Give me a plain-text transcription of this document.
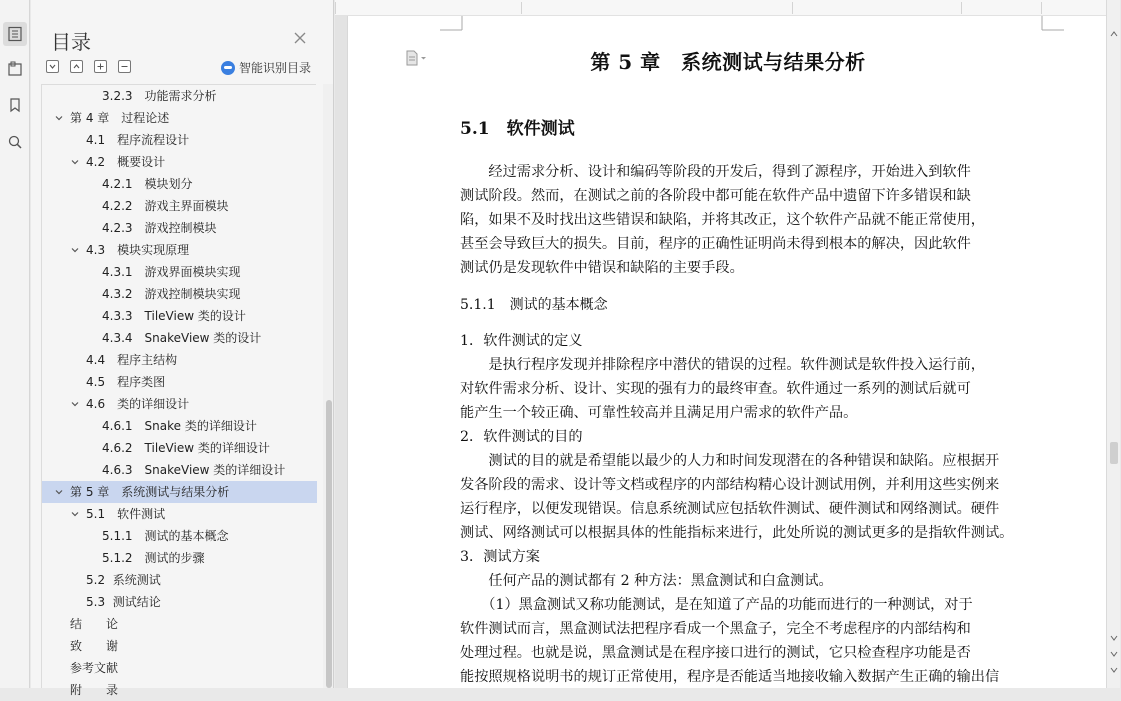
目录
智能识别目录
3.2.3　功能需求分析
第 4 章　过程论述
4.1　程序流程设计
4.2　概要设计
4.2.1　模块划分
4.2.2　游戏主界面模块
4.2.3　游戏控制模块
4.3　模块实现原理
4.3.1　游戏界面模块实现
4.3.2　游戏控制模块实现
4.3.3　TileView 类的设计
4.3.4　SnakeView 类的设计
4.4　程序主结构
4.5　程序类图
4.6　类的详细设计
4.6.1　Snake 类的详细设计
4.6.2　TileView 类的详细设计
4.6.3　SnakeView 类的详细设计
第 5 章　系统测试与结果分析
5.1　软件测试
5.1.1　测试的基本概念
5.1.2　测试的步骤
5.2  系统测试
5.3  测试结论
结　　论
致　　谢
参考文献
附　　录
第 5 章　系统测试与结果分析
5.1　软件测试
　　经过需求分析、设计和编码等阶段的开发后，得到了源程序，开始进入到软件
测试阶段。然而，在测试之前的各阶段中都可能在软件产品中遗留下许多错误和缺
陷，如果不及时找出这些错误和缺陷，并将其改正，这个软件产品就不能正常使用，
甚至会导致巨大的损失。目前，程序的正确性证明尚未得到根本的解决，因此软件
测试仍是发现软件中错误和缺陷的主要手段。
5.1.1　测试的基本概念
1．软件测试的定义
　　是执行程序发现并排除程序中潜伏的错误的过程。软件测试是软件投入运行前，
对软件需求分析、设计、实现的强有力的最终审查。软件通过一系列的测试后就可
能产生一个较正确、可靠性较高并且满足用户需求的软件产品。
2．软件测试的目的
　　测试的目的就是希望能以最少的人力和时间发现潜在的各种错误和缺陷。应根据开
发各阶段的需求、设计等文档或程序的内部结构精心设计测试用例，并利用这些实例来
运行程序，以便发现错误。信息系统测试应包括软件测试、硬件测试和网络测试。硬件
测试、网络测试可以根据具体的性能指标来进行，此处所说的测试更多的是指软件测试。
3．测试方案
　　任何产品的测试都有 2 种方法：黑盒测试和白盒测试。
　　（1）黑盒测试又称功能测试，是在知道了产品的功能而进行的一种测试，对于
软件测试而言，黑盒测试法把程序看成一个黑盒子，完全不考虑程序的内部结构和
处理过程。也就是说，黑盒测试是在程序接口进行的测试，它只检查程序功能是否
能按照规格说明书的规订正常使用，程序是否能适当地接收输入数据产生正确的输出信
